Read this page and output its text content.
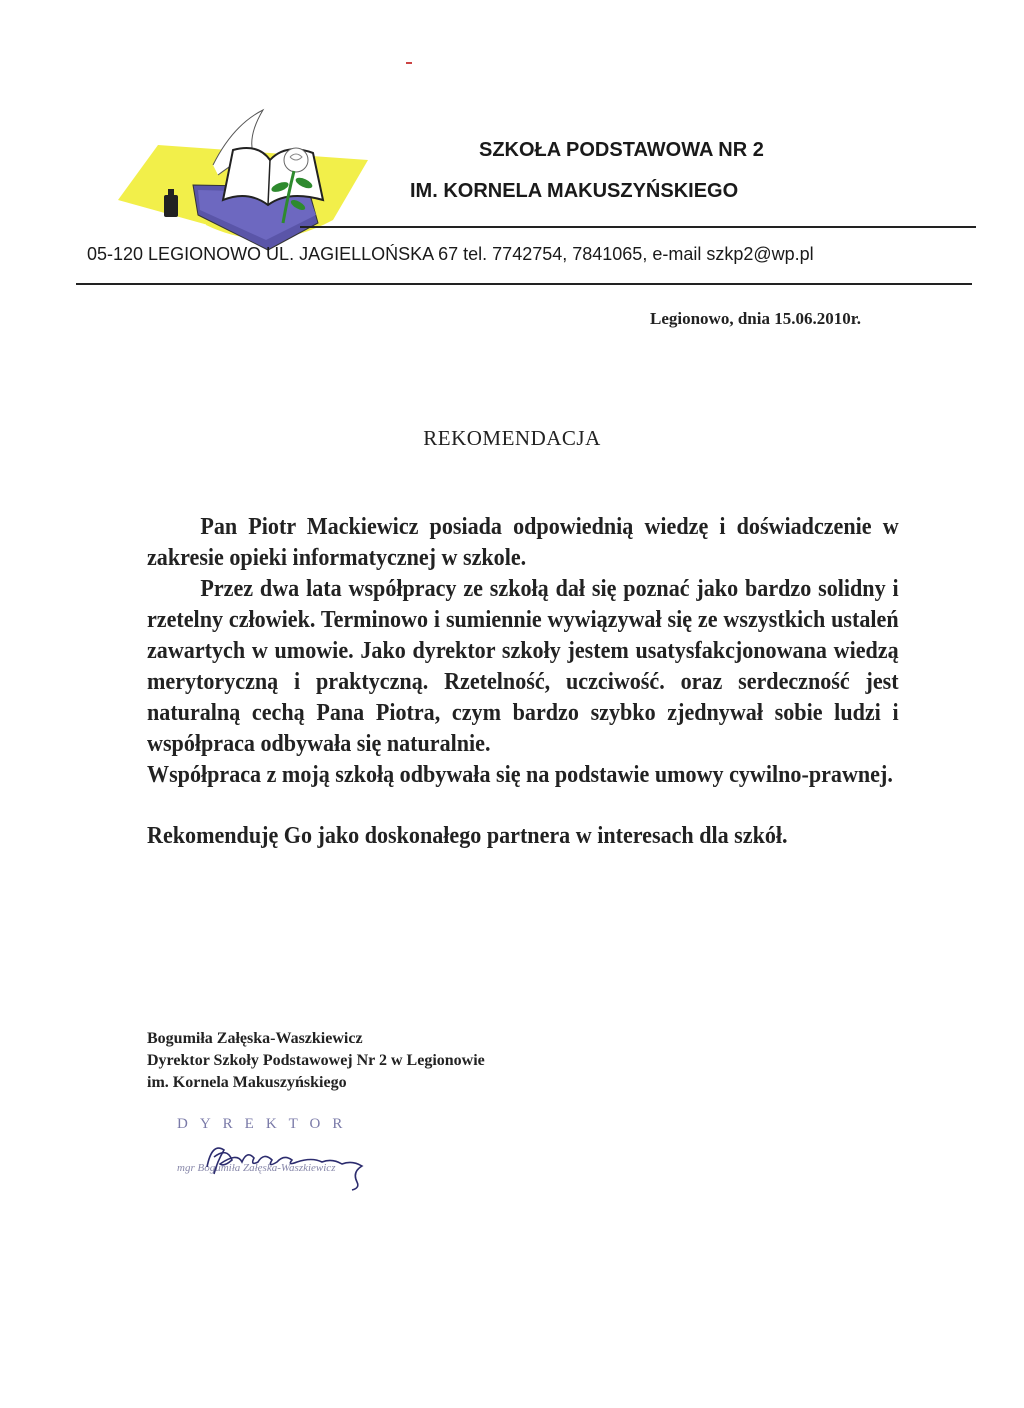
SZKOŁA PODSTAWOWA NR 2
IM. KORNELA MAKUSZYŃSKIEGO
05-120 LEGIONOWO UL. JAGIELLOŃSKA 67 tel. 7742754, 7841065, e-mail szkp2@wp.pl
Legionowo, dnia 15.06.2010r.
REKOMENDACJA

Pan Piotr Mackiewicz posiada odpowiednią wiedzę i doświadczenie w zakresie opieki informatycznej w szkole.

Przez dwa lata współpracy ze szkołą dał się poznać jako bardzo solidny i rzetelny człowiek. Terminowo i sumiennie wywiązywał się ze wszystkich ustaleń zawartych w umowie. Jako dyrektor szkoły jestem usatysfakcjonowana wiedzą merytoryczną i praktyczną. Rzetelność, uczciwość. oraz serdeczność jest naturalną cechą Pana Piotra, czym bardzo szybko zjednywał sobie ludzi i współpraca odbywała się naturalnie.

Współpraca z moją szkołą odbywała się na podstawie umowy cywilno-prawnej.

Rekomenduję Go jako doskonałego partnera w interesach dla szkół.

Bogumiła Załęska-Waszkiewicz
Dyrektor Szkoły Podstawowej Nr 2 w Legionowie
im. Kornela Makuszyńskiego
DYREKTOR
mgr Bogumiła Załęska-Waszkiewicz
